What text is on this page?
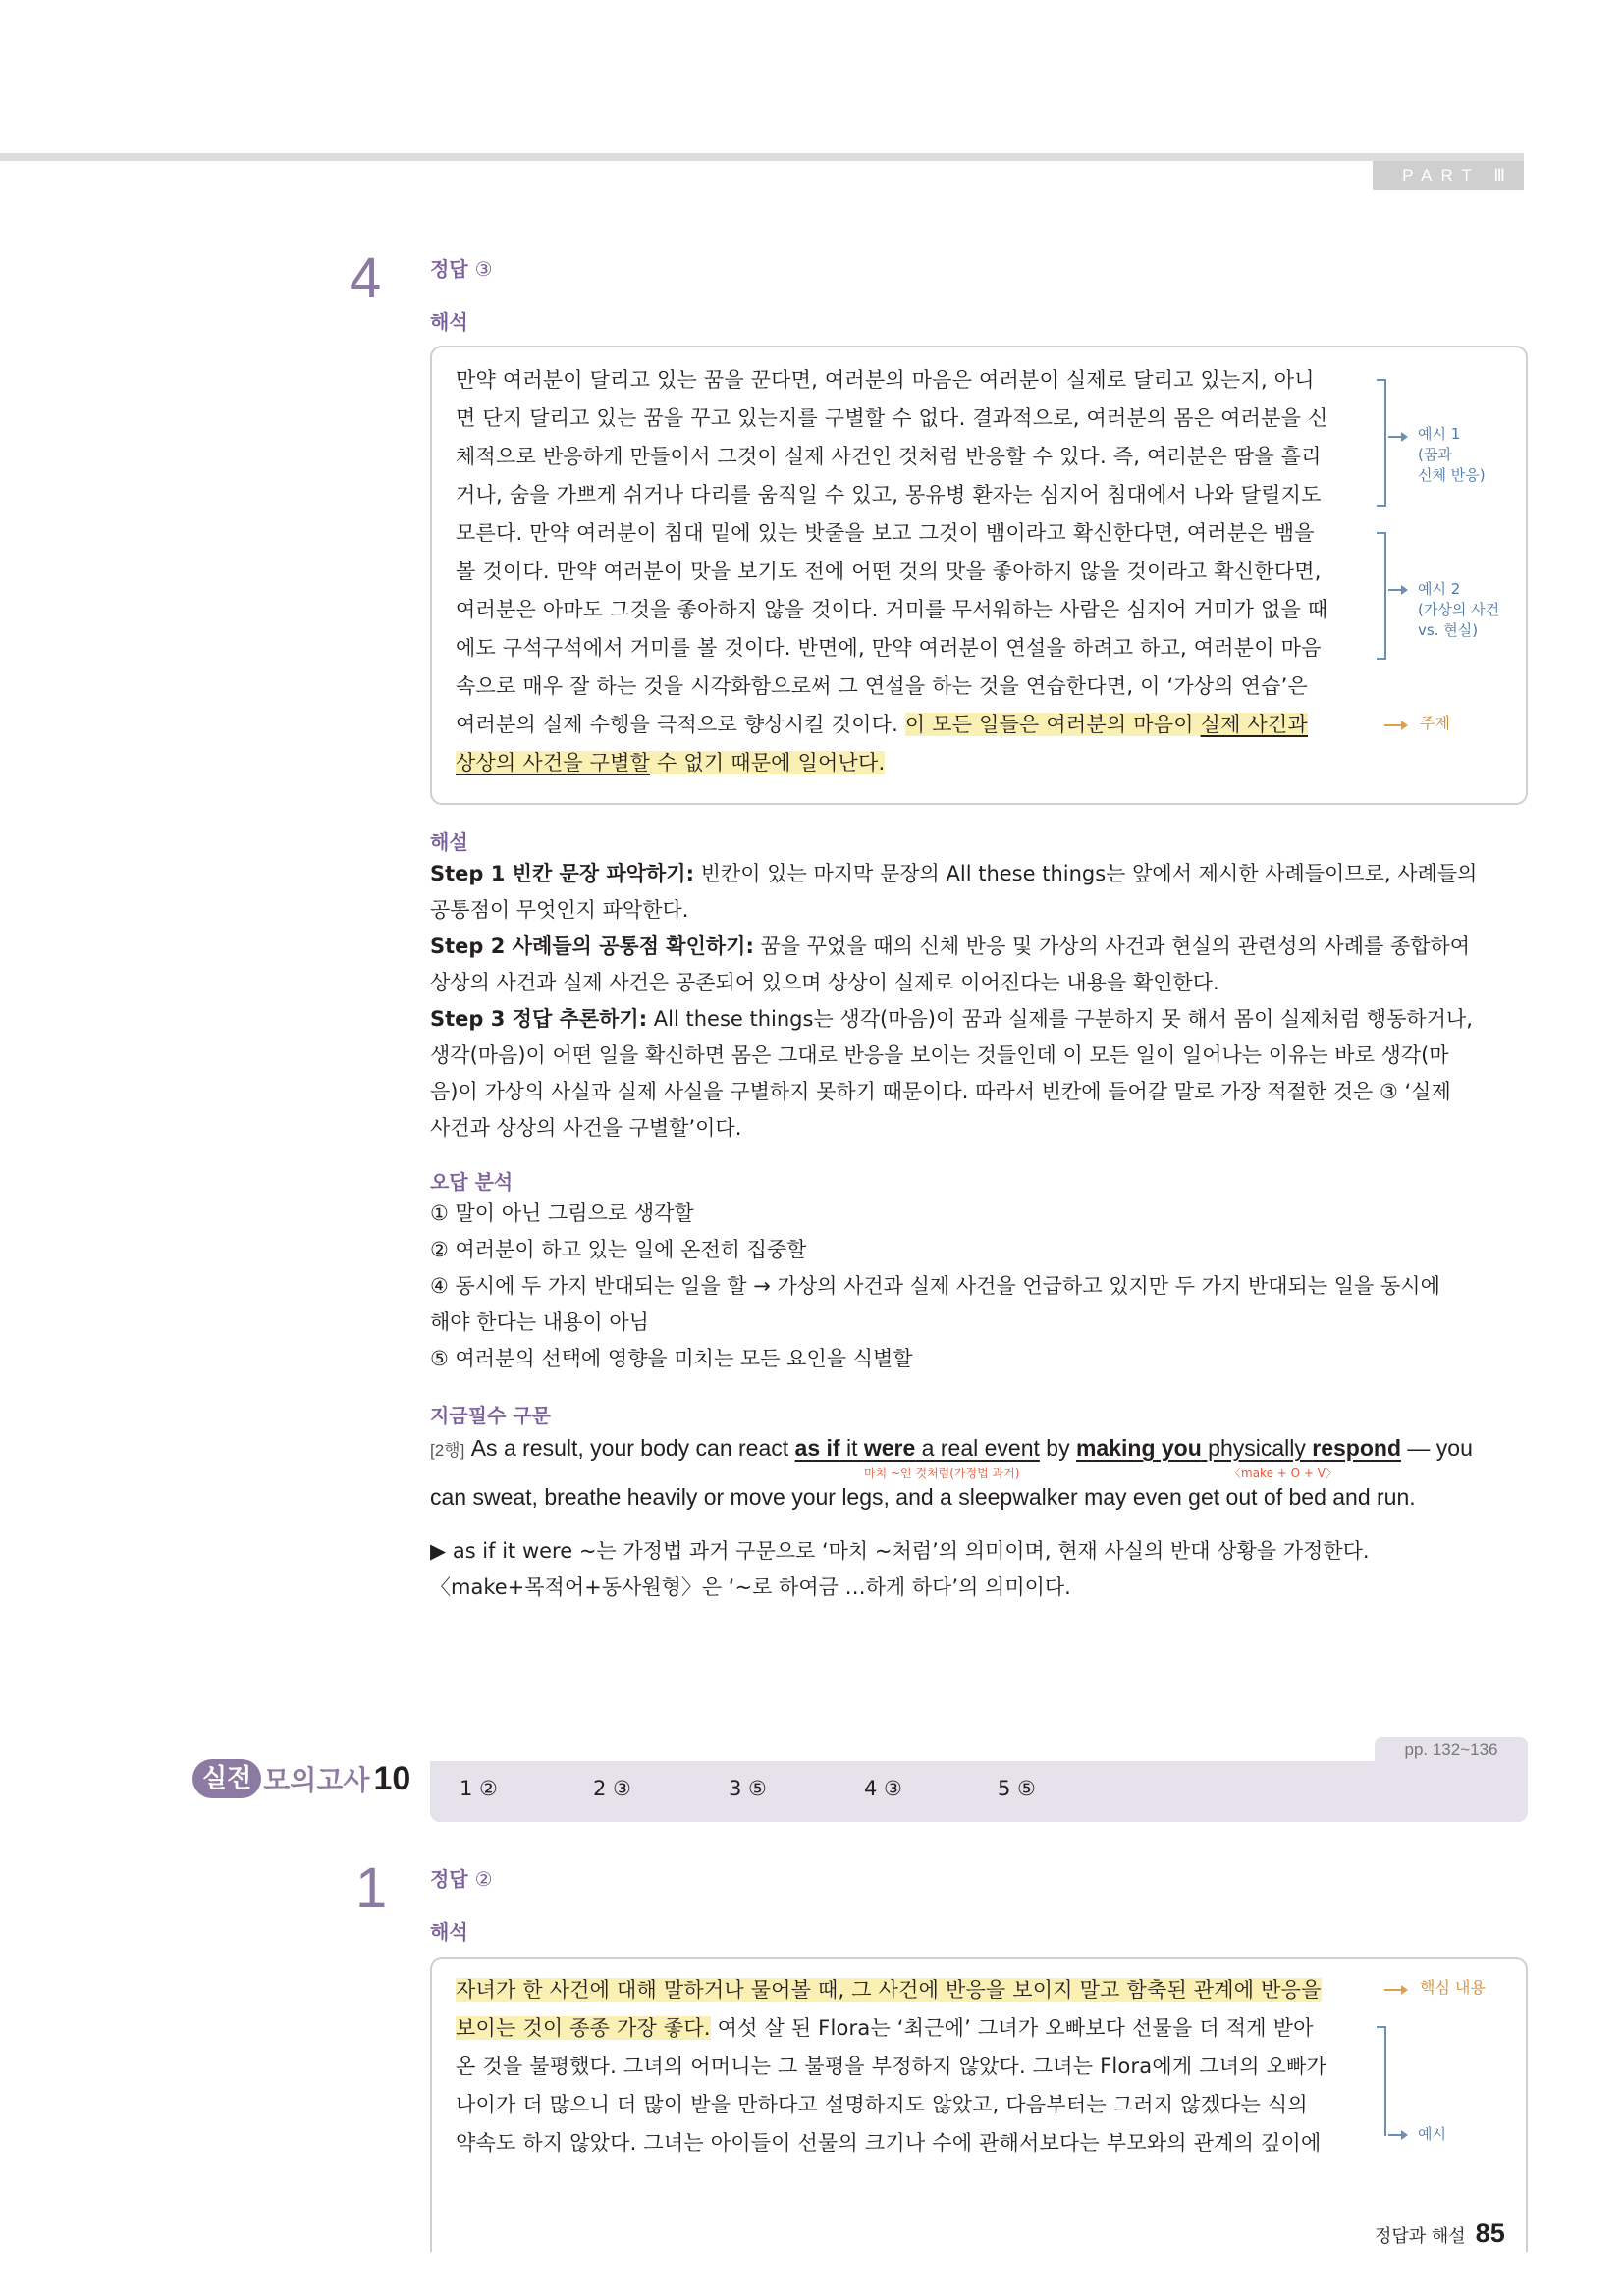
PART Ⅲ
4 정답 ③
해석
만약 여러분이 달리고 있는 꿈을 꾼다면, 여러분의 마음은 여러분이 실제로 달리고 있는지, 아니
면 단지 달리고 있는 꿈을 꾸고 있는지를 구별할 수 없다. 결과적으로, 여러분의 몸은 여러분을 신
체적으로 반응하게 만들어서 그것이 실제 사건인 것처럼 반응할 수 있다. 즉, 여러분은 땀을 흘리
거나, 숨을 가쁘게 쉬거나 다리를 움직일 수 있고, 몽유병 환자는 심지어 침대에서 나와 달릴지도
모른다. 만약 여러분이 침대 밑에 있는 밧줄을 보고 그것이 뱀이라고 확신한다면, 여러분은 뱀을
볼 것이다. 만약 여러분이 맛을 보기도 전에 어떤 것의 맛을 좋아하지 않을 것이라고 확신한다면,
여러분은 아마도 그것을 좋아하지 않을 것이다. 거미를 무서워하는 사람은 심지어 거미가 없을 때
에도 구석구석에서 거미를 볼 것이다. 반면에, 만약 여러분이 연설을 하려고 하고, 여러분이 마음
속으로 매우 잘 하는 것을 시각화함으로써 그 연설을 하는 것을 연습한다면, 이 ‘가상의 연습’은
여러분의 실제 수행을 극적으로 향상시킬 것이다. 이 모든 일들은 여러분의 마음이 실제 사건과
상상의 사건을 구별할 수 없기 때문에 일어난다.
예시 1
(꿈과
신체 반응)
예시 2
(가상의 사건
vs. 현실)
주제
해설
Step 1 빈칸 문장 파악하기: 빈칸이 있는 마지막 문장의 All these things는 앞에서 제시한 사례들이므로, 사례들의
공통점이 무엇인지 파악한다.
Step 2 사례들의 공통점 확인하기: 꿈을 꾸었을 때의 신체 반응 및 가상의 사건과 현실의 관련성의 사례를 종합하여
상상의 사건과 실제 사건은 공존되어 있으며 상상이 실제로 이어진다는 내용을 확인한다.
Step 3 정답 추론하기: All these things는 생각(마음)이 꿈과 실제를 구분하지 못 해서 몸이 실제처럼 행동하거나,
생각(마음)이 어떤 일을 확신하면 몸은 그대로 반응을 보이는 것들인데 이 모든 일이 일어나는 이유는 바로 생각(마
음)이 가상의 사실과 실제 사실을 구별하지 못하기 때문이다. 따라서 빈칸에 들어갈 말로 가장 적절한 것은 ③ ‘실제
사건과 상상의 사건을 구별할’이다.
오답 분석
① 말이 아닌 그림으로 생각할
② 여러분이 하고 있는 일에 온전히 집중할
④ 동시에 두 가지 반대되는 일을 할 → 가상의 사건과 실제 사건을 언급하고 있지만 두 가지 반대되는 일을 동시에
해야 한다는 내용이 아님
⑤ 여러분의 선택에 영향을 미치는 모든 요인을 식별할
지금필수 구문
[2행] As a result, your body can react as if it were a real event by making you physically respond — you
마치 ~인 것처럼(가정법 과거)	〈make + O + V〉
can sweat, breathe heavily or move your legs, and a sleepwalker may even get out of bed and run.
▶ as if it were ~는 가정법 과거 구문으로 ‘마치 ~처럼’의 의미이며, 현재 사실의 반대 상황을 가정한다.
〈make+목적어+동사원형〉은 ‘~로 하여금 …하게 하다’의 의미이다.
실전 모의고사 10
pp. 132~136
1 ②	2 ③	3 ⑤	4 ③	5 ⑤
1 정답 ②
해석
자녀가 한 사건에 대해 말하거나 물어볼 때, 그 사건에 반응을 보이지 말고 함축된 관계에 반응을
보이는 것이 종종 가장 좋다. 여섯 살 된 Flora는 ‘최근에’ 그녀가 오빠보다 선물을 더 적게 받아
온 것을 불평했다. 그녀의 어머니는 그 불평을 부정하지 않았다. 그녀는 Flora에게 그녀의 오빠가
나이가 더 많으니 더 많이 받을 만하다고 설명하지도 않았고, 다음부터는 그러지 않겠다는 식의
약속도 하지 않았다. 그녀는 아이들이 선물의 크기나 수에 관해서보다는 부모와의 관계의 깊이에
핵심 내용
예시
정답과 해설 85
